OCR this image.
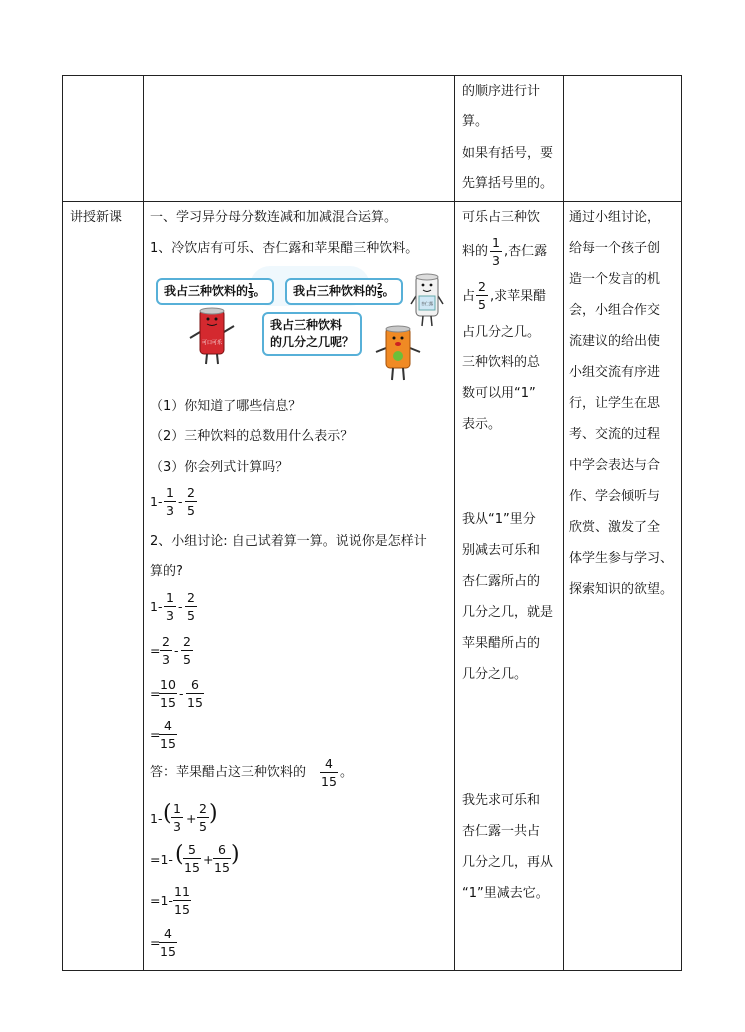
的顺序进行计
算。
如果有括号，要
先算括号里的。
讲授新课 一、学习异分母分数连减和加减混合运算。
1、冷饮店有可乐、杏仁露和苹果醋三种饮料。
我占三种饮料的 $\frac{1}{3}$ 。	我占三种饮料的 $\frac{2}{5}$ 。
我占三种饮料
的几分之几呢？
可口可乐
杏仁露
（1）你知道了哪些信息？
（2）三种饮料的总数用什么表示？
（3）你会列式计算吗？
1-
1
3
-
2
5
2、小组讨论: 自己试着算一算。说说你是怎样计
算的?
1-
1
3
-
2
5
=
2
3
-
2
5
=
10
15
-
6
15
=
4
15
答：苹果醋占这三种饮料的
4
15
。
1- ( 1
3
+
2
5
)
=1- ( 5
15
+
6
15
)
=1-
11
15
=
4
15
可乐占三种饮
料的
1
3
,杏仁露
占
2
5
,求苹果醋
占几分之几。
三种饮料的总
数可以用“1”
表示。
我从“1”里分
别减去可乐和
杏仁露所占的
几分之几，就是
苹果醋所占的
几分之几。
我先求可乐和
杏仁露一共占
几分之几，再从
“1”里减去它。
通过小组讨论，
给每一个孩子创
造一个发言的机
会，小组合作交
流建议的给出使
小组交流有序进
行，让学生在思
考、交流的过程
中学会表达与合
作、学会倾听与
欣赏、激发了全
体学生参与学习、
探索知识的欲望。
